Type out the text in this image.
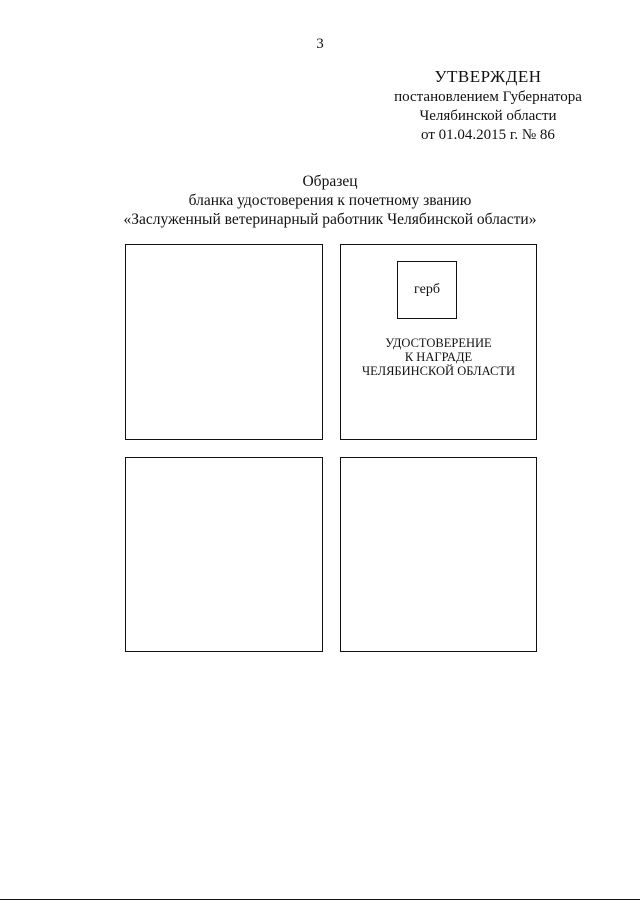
3
УТВЕРЖДЕН
постановлением Губернатора
Челябинской области
от 01.04.2015 г. № 86
Образец
бланка удостоверения к почетному званию
«Заслуженный ветеринарный работник Челябинской области»
герб
УДОСТОВЕРЕНИЕ
К НАГРАДЕ
ЧЕЛЯБИНСКОЙ ОБЛАСТИ
